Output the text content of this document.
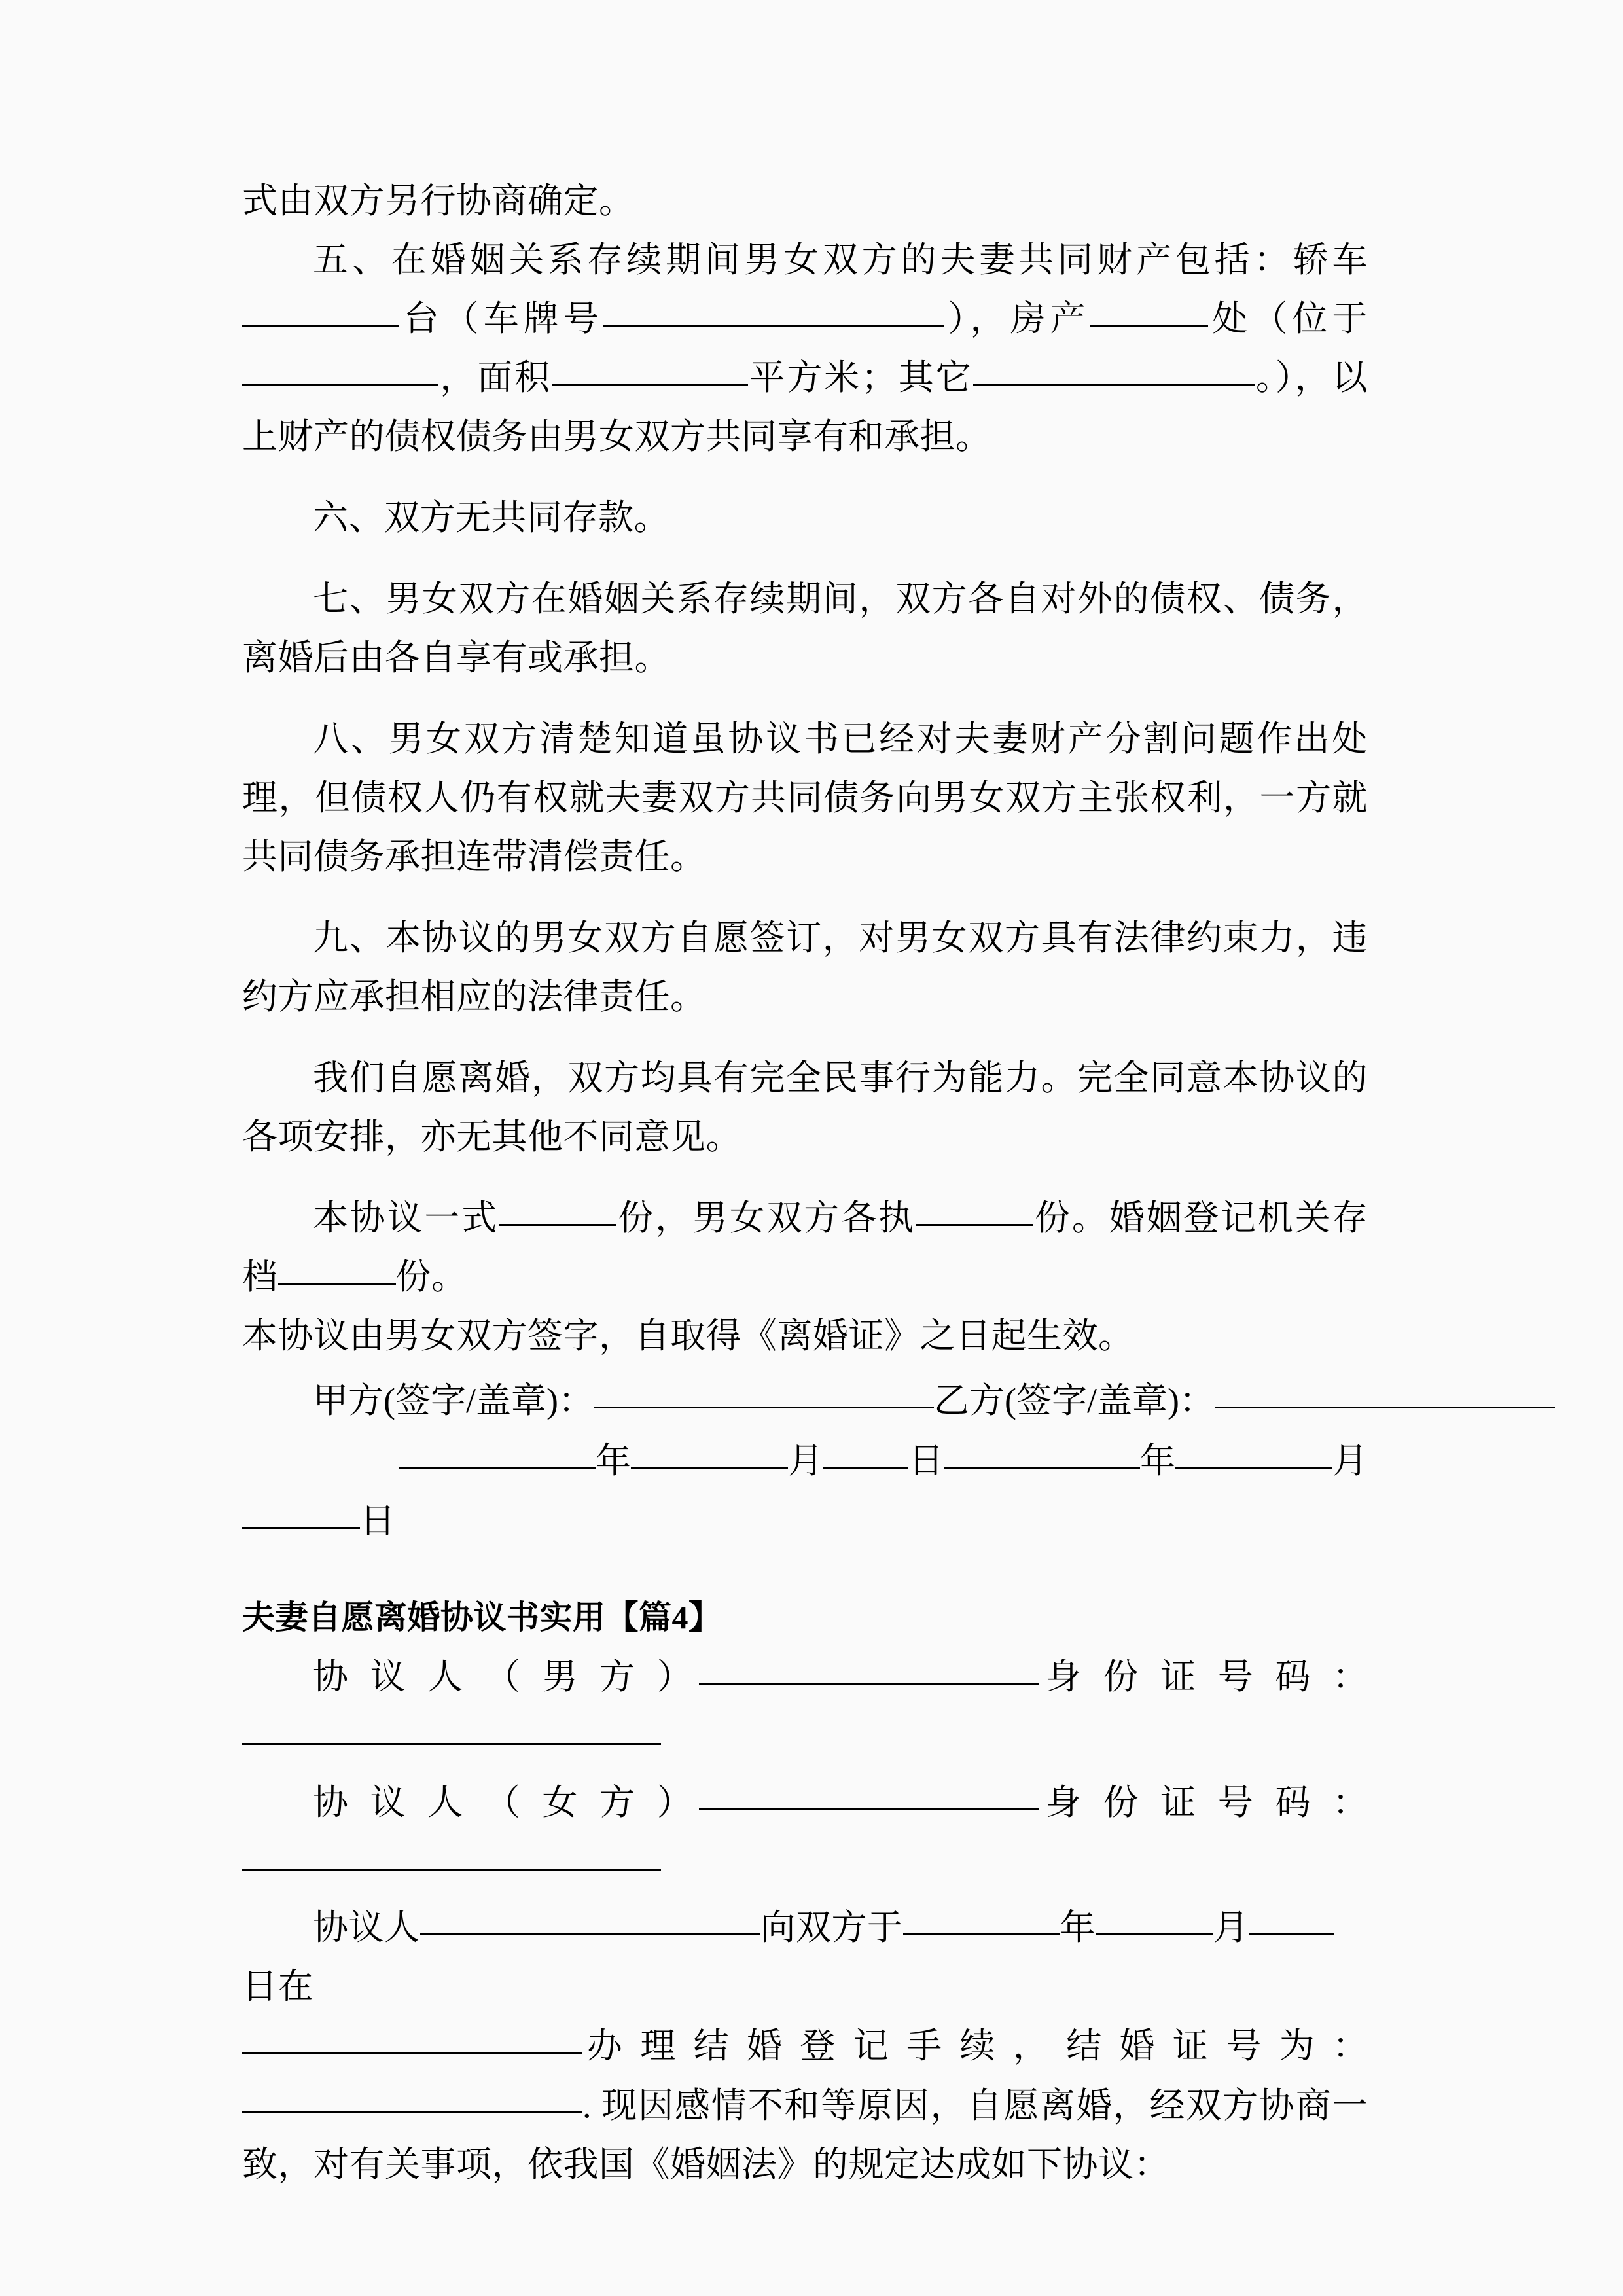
式由双方另行协商确定。

五、在婚姻关系存续期间男女双方的夫妻共同财产包括：轿车台（车牌号	），房产	处（位于，面积	平方米；其它	。），以上财产的债权债务由男女双方共同享有和承担。

六、双方无共同存款。

七、男女双方在婚姻关系存续期间，双方各自对外的债权、债务，离婚后由各自享有或承担。

八、男女双方清楚知道虽协议书已经对夫妻财产分割问题作出处理，但债权人仍有权就夫妻双方共同债务向男女双方主张权利，一方就共同债务承担连带清偿责任。

九、本协议的男女双方自愿签订，对男女双方具有法律约束力，违约方应承担相应的法律责任。

我们自愿离婚，双方均具有完全民事行为能力。完全同意本协议的各项安排，亦无其他不同意见。

本协议一式	份，男女双方各执	份。婚姻登记机关存档	份。

本协议由男女双方签字，自取得《离婚证》之日起生效。

甲方(签字/盖章)：	乙方(签字/盖章)：
年	月 日	年	月
日

夫妻自愿离婚协议书实用【篇4】

协 议 人 （ 男 方 ）	身 份 证 号 码 ：

协 议 人 （ 女 方 ）	身 份 证 号 码 ：

协议人	向双方于	年	月日在

办 理 结 婚 登 记 手 续 ， 结 婚 证 号 为 ：

. 现因感情不和等原因，自愿离婚，经双方协商一致，对有关事项，依我国《婚姻法》的规定达成如下协议：
